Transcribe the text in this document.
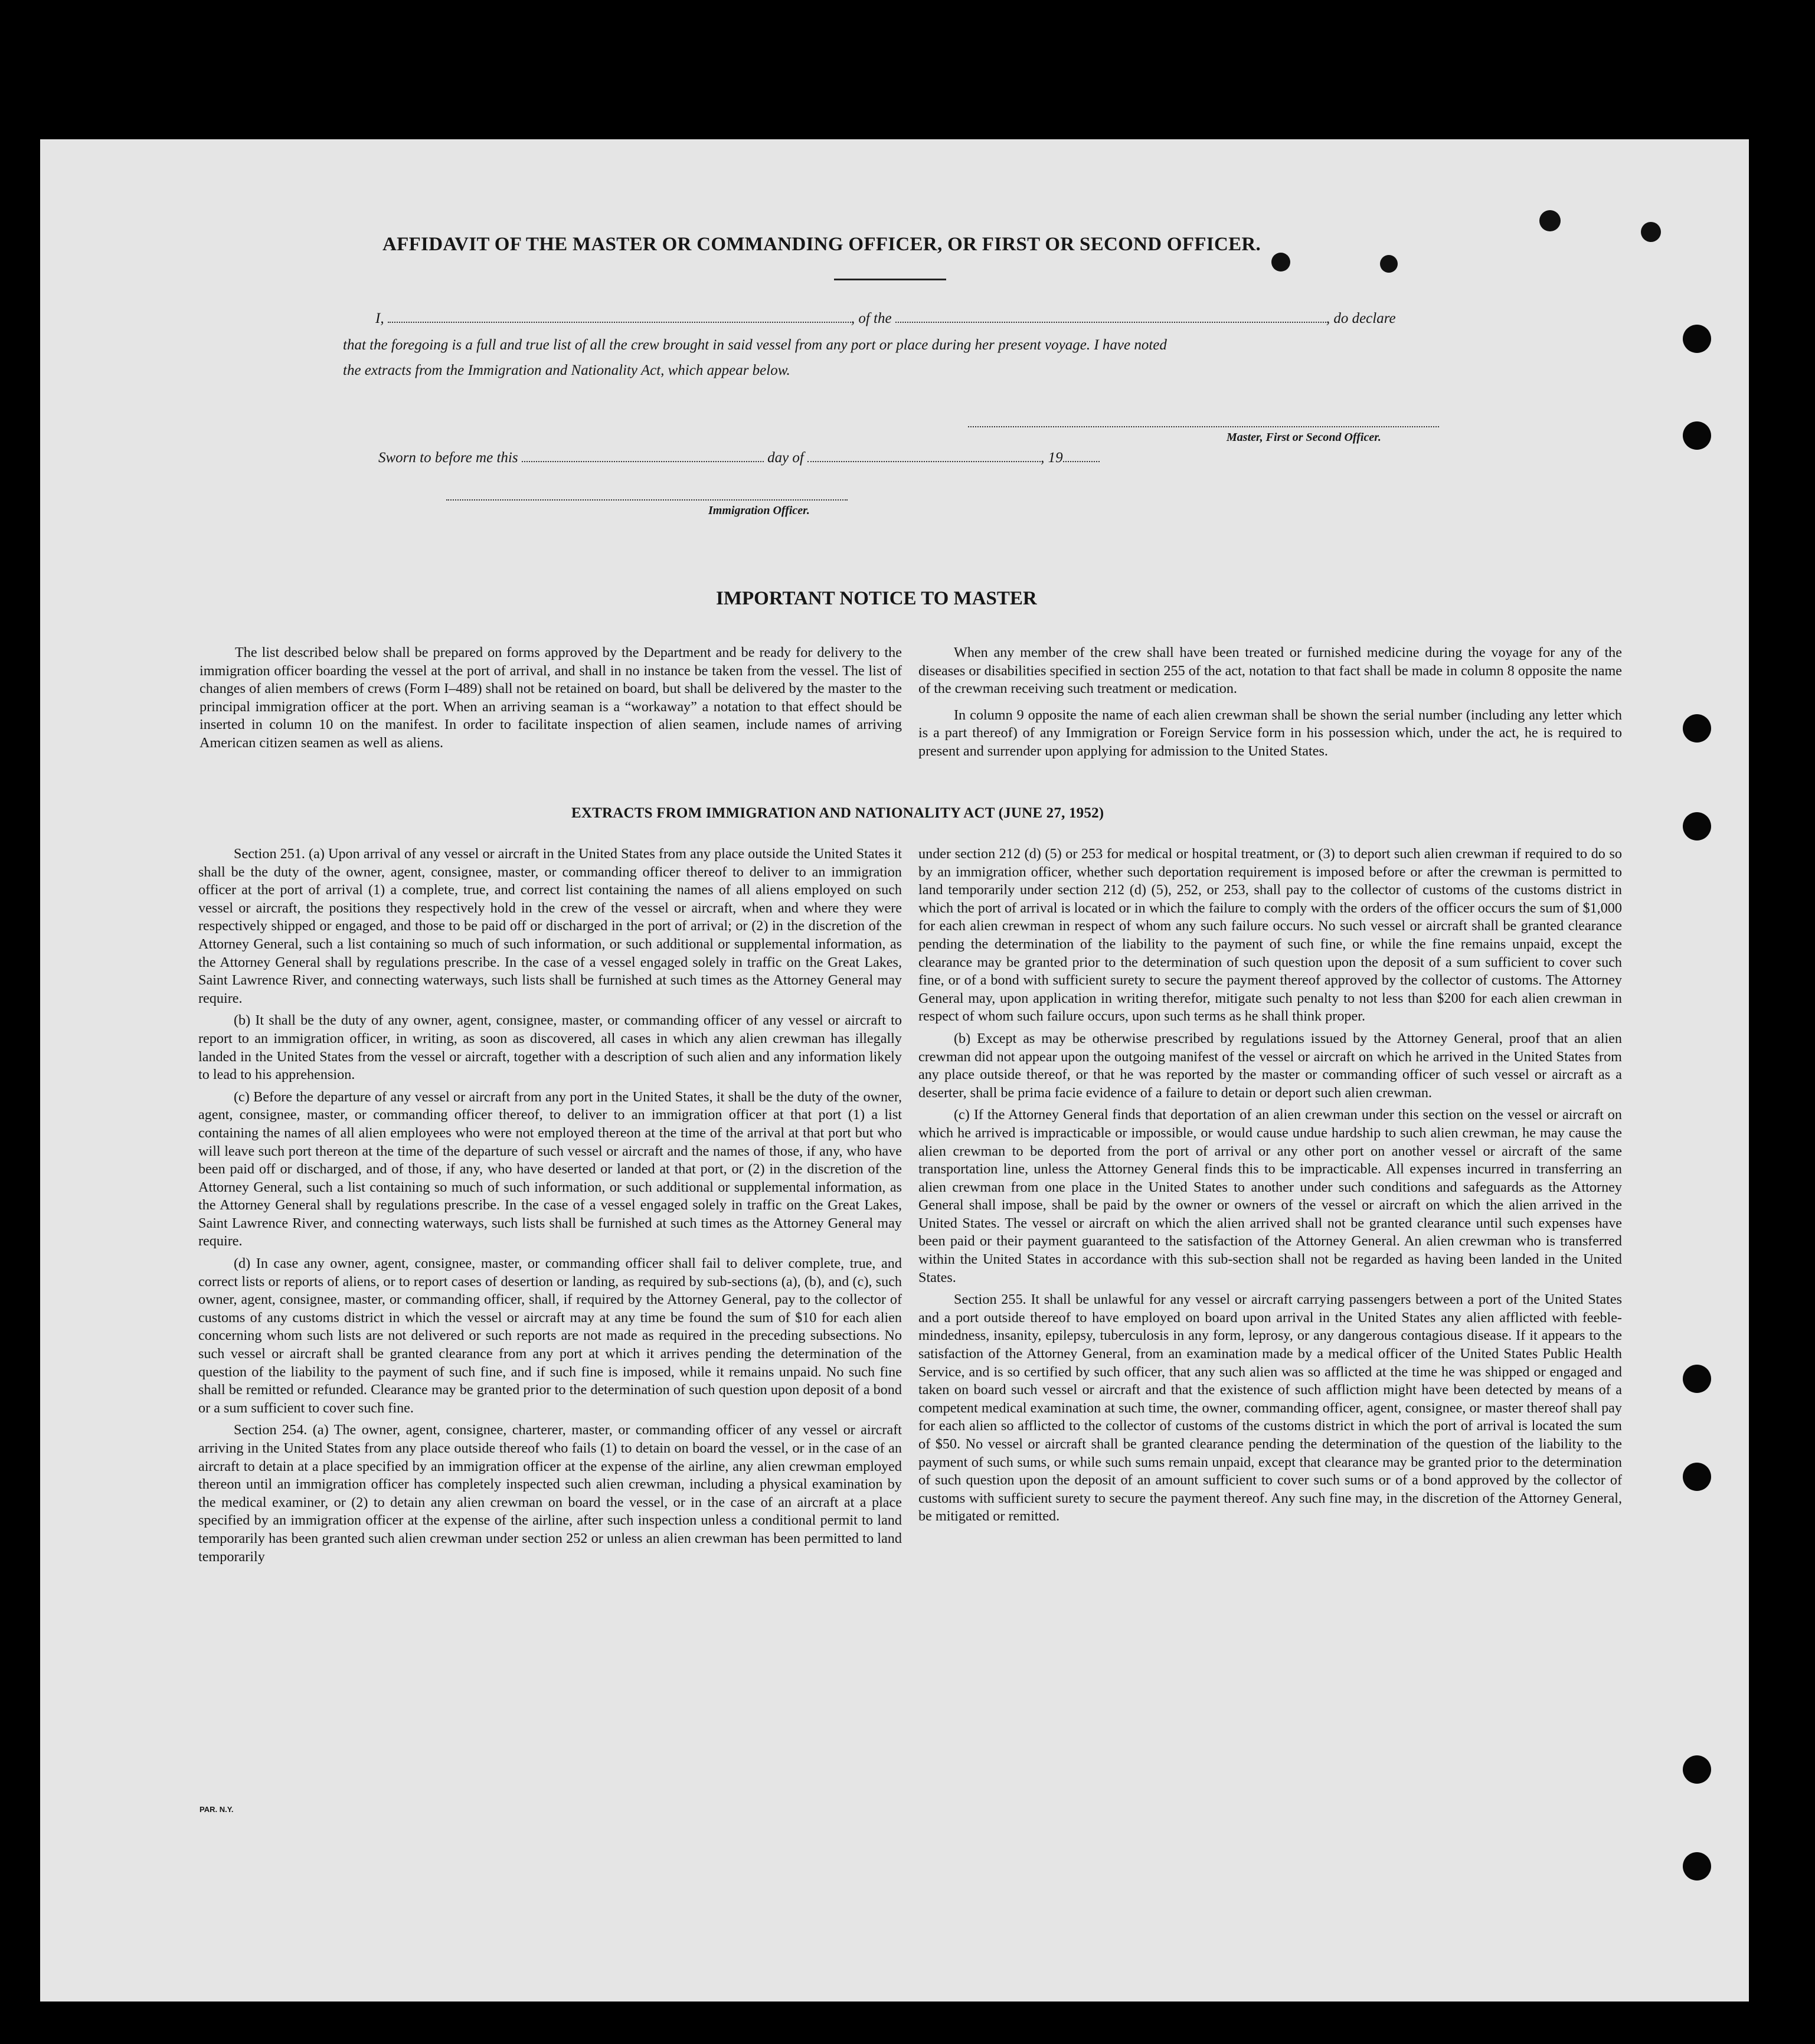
AFFIDAVIT OF THE MASTER OR COMMANDING OFFICER, OR FIRST OR SECOND OFFICER.
I,	, of the	, do declare
that the foregoing is a full and true list of all the crew brought in said vessel from any port or place during her present voyage. I have noted
the extracts from the Immigration and Nationality Act, which appear below.
Master, First or Second Officer.
Sworn to before me this	day of	, 19
Immigration Officer.
IMPORTANT NOTICE TO MASTER

The list described below shall be prepared on forms approved by the Department and be ready for delivery to the immigration officer boarding the vessel at the port of arrival, and shall in no instance be taken from the vessel. The list of changes of alien members of crews (Form I–489) shall not be retained on board, but shall be delivered by the master to the principal immigration officer at the port. When an arriving seaman is a “workaway” a notation to that effect should be inserted in column 10 on the manifest. In order to facilitate inspection of alien seamen, include names of arriving American citizen seamen as well as aliens.

When any member of the crew shall have been treated or furnished medicine during the voyage for any of the diseases or disabilities specified in section 255 of the act, notation to that fact shall be made in column 8 opposite the name of the crewman receiving such treatment or medication.

In column 9 opposite the name of each alien crewman shall be shown the serial number (including any letter which is a part thereof) of any Immigration or Foreign Service form in his possession which, under the act, he is required to present and surrender upon applying for admission to the United States.

EXTRACTS FROM IMMIGRATION AND NATIONALITY ACT (JUNE 27, 1952)

Section 251. (a) Upon arrival of any vessel or aircraft in the United States from any place outside the United States it shall be the duty of the owner, agent, consignee, master, or commanding officer thereof to deliver to an immigration officer at the port of arrival (1) a complete, true, and correct list containing the names of all aliens employed on such vessel or aircraft, the positions they respectively hold in the crew of the vessel or aircraft, when and where they were respectively shipped or engaged, and those to be paid off or discharged in the port of arrival; or (2) in the discretion of the Attorney General, such a list containing so much of such information, or such additional or supplemental information, as the Attorney General shall by regulations prescribe. In the case of a vessel engaged solely in traffic on the Great Lakes, Saint Lawrence River, and connecting waterways, such lists shall be furnished at such times as the Attorney General may require.

(b) It shall be the duty of any owner, agent, consignee, master, or commanding officer of any vessel or aircraft to report to an immigration officer, in writing, as soon as discovered, all cases in which any alien crewman has illegally landed in the United States from the vessel or aircraft, together with a description of such alien and any information likely to lead to his apprehension.

(c) Before the departure of any vessel or aircraft from any port in the United States, it shall be the duty of the owner, agent, consignee, master, or commanding officer thereof, to deliver to an immigration officer at that port (1) a list containing the names of all alien employees who were not employed thereon at the time of the arrival at that port but who will leave such port thereon at the time of the departure of such vessel or aircraft and the names of those, if any, who have been paid off or discharged, and of those, if any, who have deserted or landed at that port, or (2) in the discretion of the Attorney General, such a list containing so much of such information, or such additional or supplemental information, as the Attorney General shall by regulations prescribe. In the case of a vessel engaged solely in traffic on the Great Lakes, Saint Lawrence River, and connecting waterways, such lists shall be furnished at such times as the Attorney General may require.

(d) In case any owner, agent, consignee, master, or commanding officer shall fail to deliver complete, true, and correct lists or reports of aliens, or to report cases of desertion or landing, as required by sub-sections (a), (b), and (c), such owner, agent, consignee, master, or commanding officer, shall, if required by the Attorney General, pay to the collector of customs of any customs district in which the vessel or aircraft may at any time be found the sum of $10 for each alien concerning whom such lists are not delivered or such reports are not made as required in the preceding subsections. No such vessel or aircraft shall be granted clearance from any port at which it arrives pending the determination of the question of the liability to the payment of such fine, and if such fine is imposed, while it remains unpaid. No such fine shall be remitted or refunded. Clearance may be granted prior to the determination of such question upon deposit of a bond or a sum sufficient to cover such fine.

Section 254. (a) The owner, agent, consignee, charterer, master, or commanding officer of any vessel or aircraft arriving in the United States from any place outside thereof who fails (1) to detain on board the vessel, or in the case of an aircraft to detain at a place specified by an immigration officer at the expense of the airline, any alien crewman employed thereon until an immigration officer has completely inspected such alien crewman, including a physical examination by the medical examiner, or (2) to detain any alien crewman on board the vessel, or in the case of an aircraft at a place specified by an immigration officer at the expense of the airline, after such inspection unless a conditional permit to land temporarily has been granted such alien crewman under section 252 or unless an alien crewman has been permitted to land temporarily

under section 212 (d) (5) or 253 for medical or hospital treatment, or (3) to deport such alien crewman if required to do so by an immigration officer, whether such deportation requirement is imposed before or after the crewman is permitted to land temporarily under section 212 (d) (5), 252, or 253, shall pay to the collector of customs of the customs district in which the port of arrival is located or in which the failure to comply with the orders of the officer occurs the sum of $1,000 for each alien crewman in respect of whom any such failure occurs. No such vessel or aircraft shall be granted clearance pending the determination of the liability to the payment of such fine, or while the fine remains unpaid, except the clearance may be granted prior to the determination of such question upon the deposit of a sum sufficient to cover such fine, or of a bond with sufficient surety to secure the payment thereof approved by the collector of customs. The Attorney General may, upon application in writing therefor, mitigate such penalty to not less than $200 for each alien crewman in respect of whom such failure occurs, upon such terms as he shall think proper.

(b) Except as may be otherwise prescribed by regulations issued by the Attorney General, proof that an alien crewman did not appear upon the outgoing manifest of the vessel or aircraft on which he arrived in the United States from any place outside thereof, or that he was reported by the master or commanding officer of such vessel or aircraft as a deserter, shall be prima facie evidence of a failure to detain or deport such alien crewman.

(c) If the Attorney General finds that deportation of an alien crewman under this section on the vessel or aircraft on which he arrived is impracticable or impossible, or would cause undue hardship to such alien crewman, he may cause the alien crewman to be deported from the port of arrival or any other port on another vessel or aircraft of the same transportation line, unless the Attorney General finds this to be impracticable. All expenses incurred in transferring an alien crewman from one place in the United States to another under such conditions and safeguards as the Attorney General shall impose, shall be paid by the owner or owners of the vessel or aircraft on which the alien arrived in the United States. The vessel or aircraft on which the alien arrived shall not be granted clearance until such expenses have been paid or their payment guaranteed to the satisfaction of the Attorney General. An alien crewman who is transferred within the United States in accordance with this sub-section shall not be regarded as having been landed in the United States.

Section 255. It shall be unlawful for any vessel or aircraft carrying passengers between a port of the United States and a port outside thereof to have employed on board upon arrival in the United States any alien afflicted with feeble-mindedness, insanity, epilepsy, tuberculosis in any form, leprosy, or any dangerous contagious disease. If it appears to the satisfaction of the Attorney General, from an examination made by a medical officer of the United States Public Health Service, and is so certified by such officer, that any such alien was so afflicted at the time he was shipped or engaged and taken on board such vessel or aircraft and that the existence of such affliction might have been detected by means of a competent medical examination at such time, the owner, commanding officer, agent, consignee, or master thereof shall pay for each alien so afflicted to the collector of customs of the customs district in which the port of arrival is located the sum of $50. No vessel or aircraft shall be granted clearance pending the determination of the question of the liability to the payment of such sums, or while such sums remain unpaid, except that clearance may be granted prior to the determination of such question upon the deposit of an amount sufficient to cover such sums or of a bond approved by the collector of customs with sufficient surety to secure the payment thereof. Any such fine may, in the discretion of the Attorney General, be mitigated or remitted.

PAR. N.Y.
